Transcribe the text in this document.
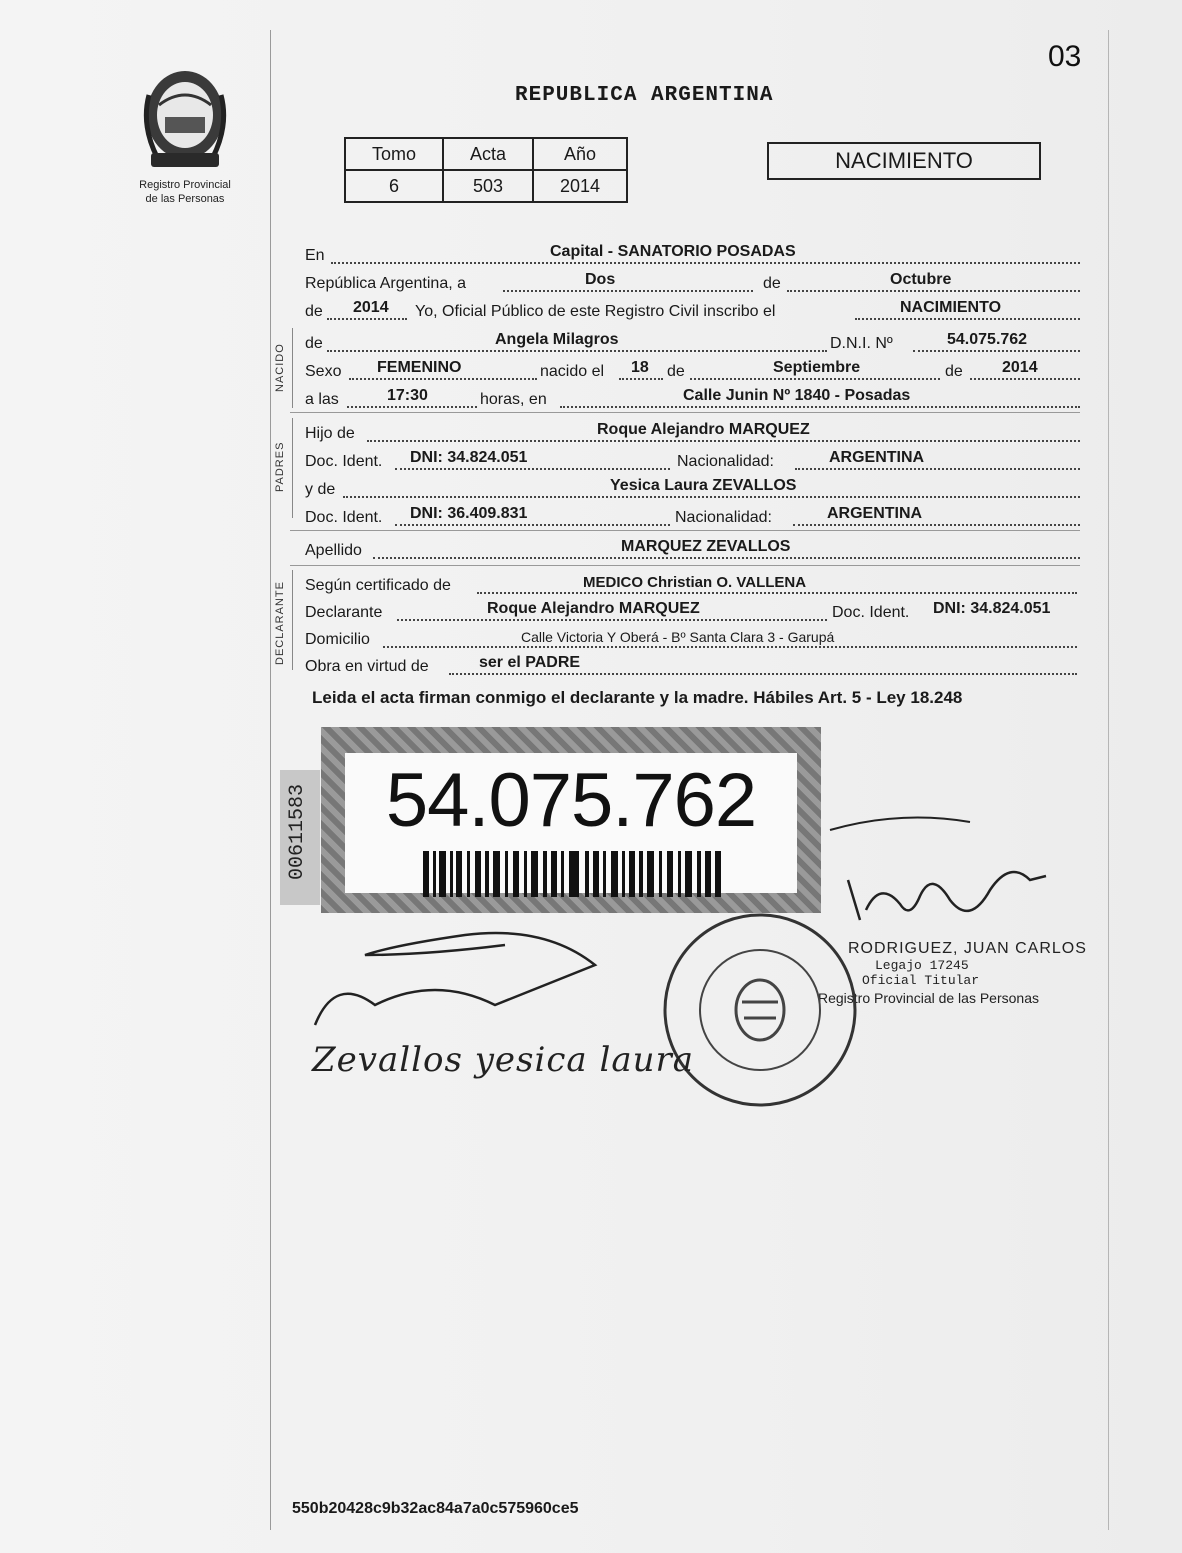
Registro Provincial
de las Personas
03
REPUBLICA ARGENTINA
Tomo	Acta	Año
6	503	2014
NACIMIENTO
En	Capital - SANATORIO POSADAS
República Argentina, a	Dos	de	Octubre
de 2014 Yo, Oficial Público de este Registro Civil inscribo el	NACIMIENTO
NACIDO de	Angela Milagros	D.N.I. Nº	54.075.762
Sexo FEMENINO	nacido el 18 de	Septiembre	de 2014
a las	17:30	horas, en	Calle Junin Nº 1840 - Posadas
PADRES
Hijo de	Roque Alejandro MARQUEZ
Doc. Ident. DNI: 34.824.051	Nacionalidad:	ARGENTINA
y de	Yesica Laura ZEVALLOS
Doc. Ident. DNI: 36.409.831	Nacionalidad:	ARGENTINA
Apellido	MARQUEZ ZEVALLOS
DECLARANTE Según certificado de	MEDICO Christian O. VALLENA
Declarante	Roque Alejandro MARQUEZ	Doc. Ident. DNI: 34.824.051
Domicilio	Calle Victoria Y Oberá - Bº Santa Clara 3 - Garupá
Obra en virtud de	ser el PADRE
Leida el acta firman conmigo el declarante y la madre. Hábiles Art. 5 - Ley 18.248
00611583	54.075.762
RODRIGUEZ, JUAN CARLOS
Legajo 17245
Oficial Titular
Registro Provincial de las Personas
Zevallos yesica laura
550b20428c9b32ac84a7a0c575960ce5
